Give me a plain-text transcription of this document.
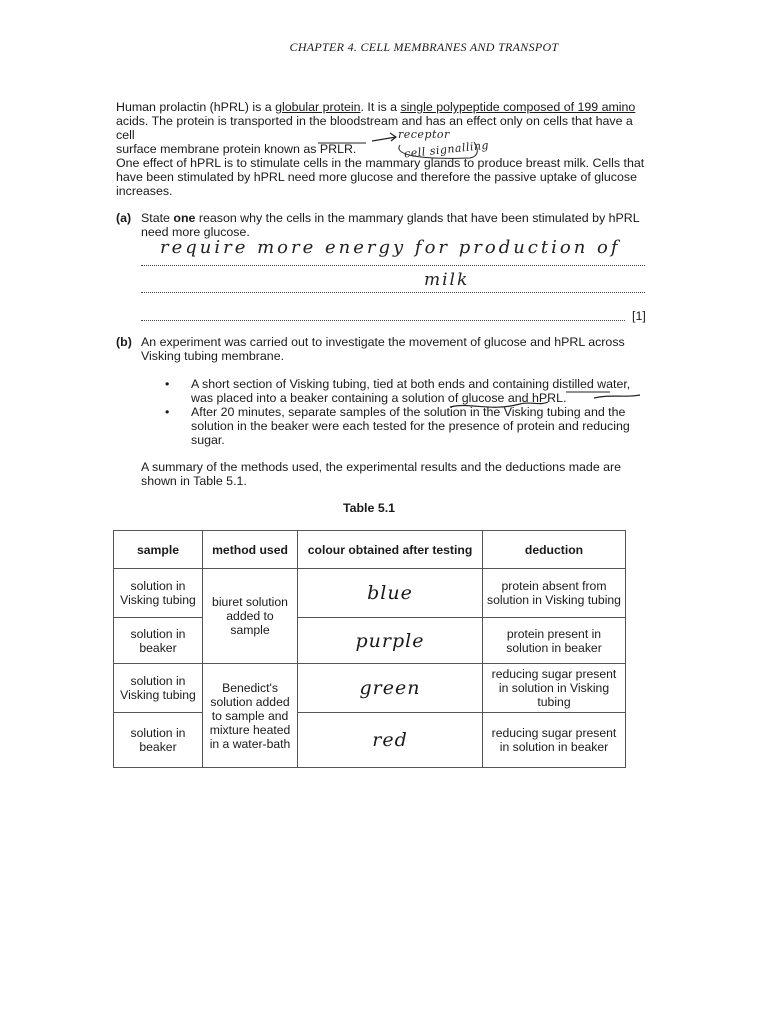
CHAPTER 4. CELL MEMBRANES AND TRANSPOT
Human prolactin (hPRL) is a globular protein. It is a single polypeptide composed of 199 amino
acids. The protein is transported in the bloodstream and has an effect only on cells that have a cell
surface membrane protein known as PRLR.
receptor
cell signalling
One effect of hPRL is to stimulate cells in the mammary glands to produce breast milk. Cells that have been stimulated by hPRL need more glucose and therefore the passive uptake of glucose increases.
(a) State one reason why the cells in the mammary glands that have been stimulated by hPRL need more glucose.
require more energy for production of
milk
[1]
(b) An experiment was carried out to investigate the movement of glucose and hPRL across Visking tubing membrane.
• A short section of Visking tubing, tied at both ends and containing distilled water, was placed into a beaker containing a solution of glucose and hPRL.
• After 20 minutes, separate samples of the solution in the Visking tubing and the solution in the beaker were each tested for the presence of protein and reducing sugar.
A summary of the methods used, the experimental results and the deductions made are shown in Table 5.1.
Table 5.1
sample	method used	colour obtained after testing	deduction
solution in Visking tubing	biuret solution added to sample	blue	protein absent from solution in Visking tubing
solution in beaker		purple	protein present in solution in beaker
solution in Visking tubing	Benedict's solution added to sample and mixture heated in a water-bath	green	reducing sugar present in solution in Visking tubing
solution in beaker		red	reducing sugar present in solution in beaker
